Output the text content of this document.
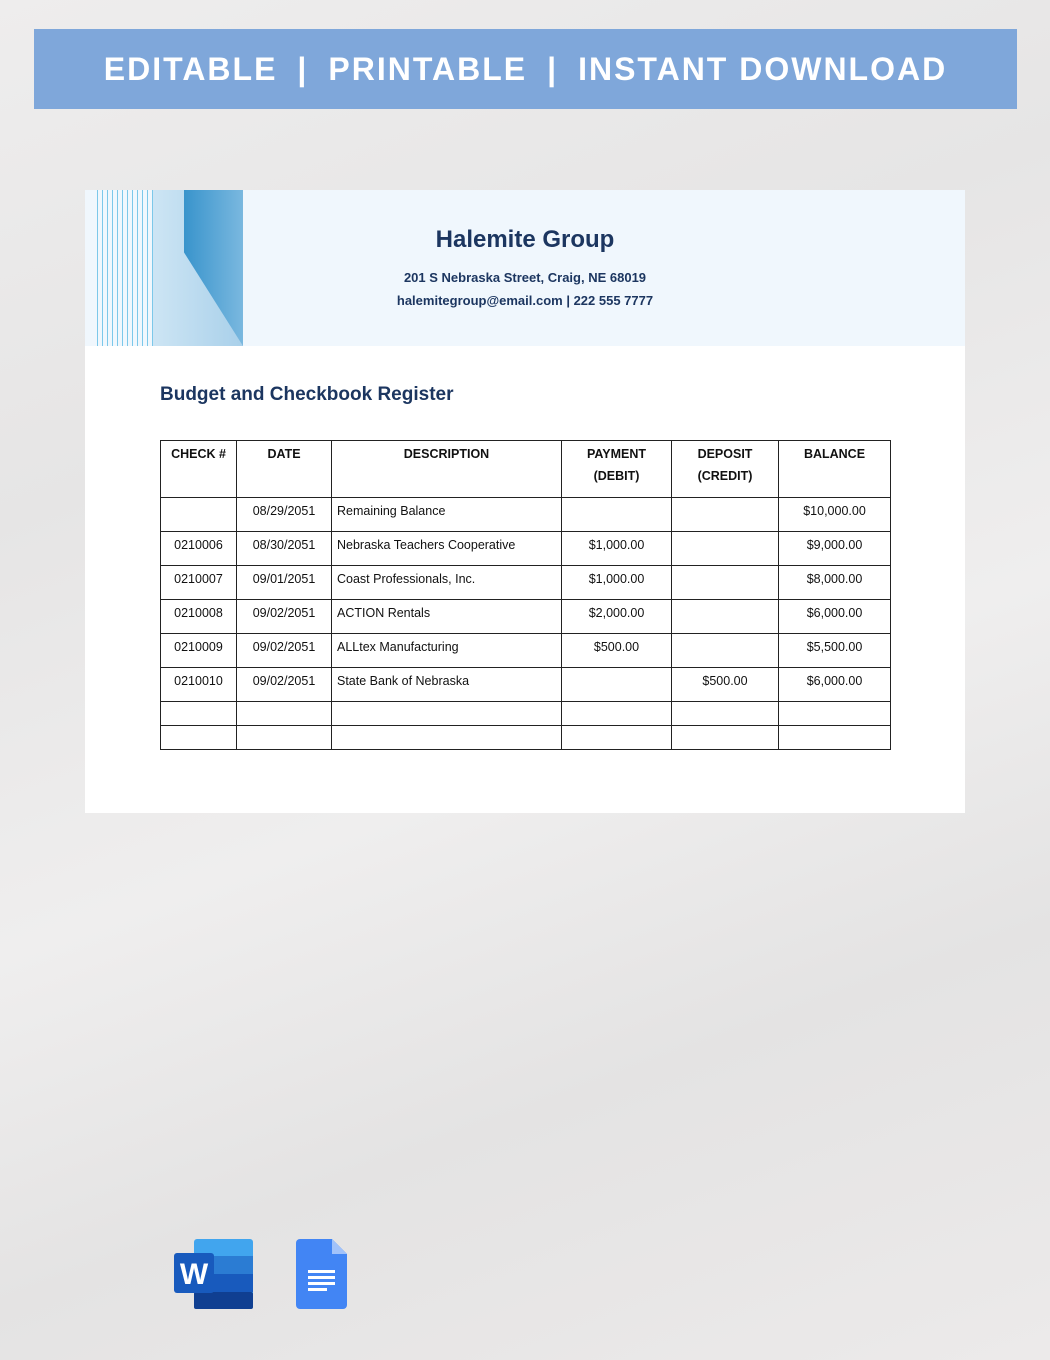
EDITABLE | PRINTABLE | INSTANT DOWNLOAD
Halemite Group
201 S Nebraska Street, Craig, NE 68019
halemitegroup@email.com | 222 555 7777
Budget and Checkbook Register
CHECK #	DATE	DESCRIPTION	PAYMENT (DEBIT)	DEPOSIT (CREDIT)	BALANCE
	08/29/2051	Remaining Balance			$10,000.00
0210006	08/30/2051	Nebraska Teachers Cooperative	$1,000.00		$9,000.00
0210007	09/01/2051	Coast Professionals, Inc.	$1,000.00		$8,000.00
0210008	09/02/2051	ACTION Rentals	$2,000.00		$6,000.00
0210009	09/02/2051	ALLtex Manufacturing	$500.00		$5,500.00
0210010	09/02/2051	State Bank of Nebraska		$500.00	$6,000.00

W
